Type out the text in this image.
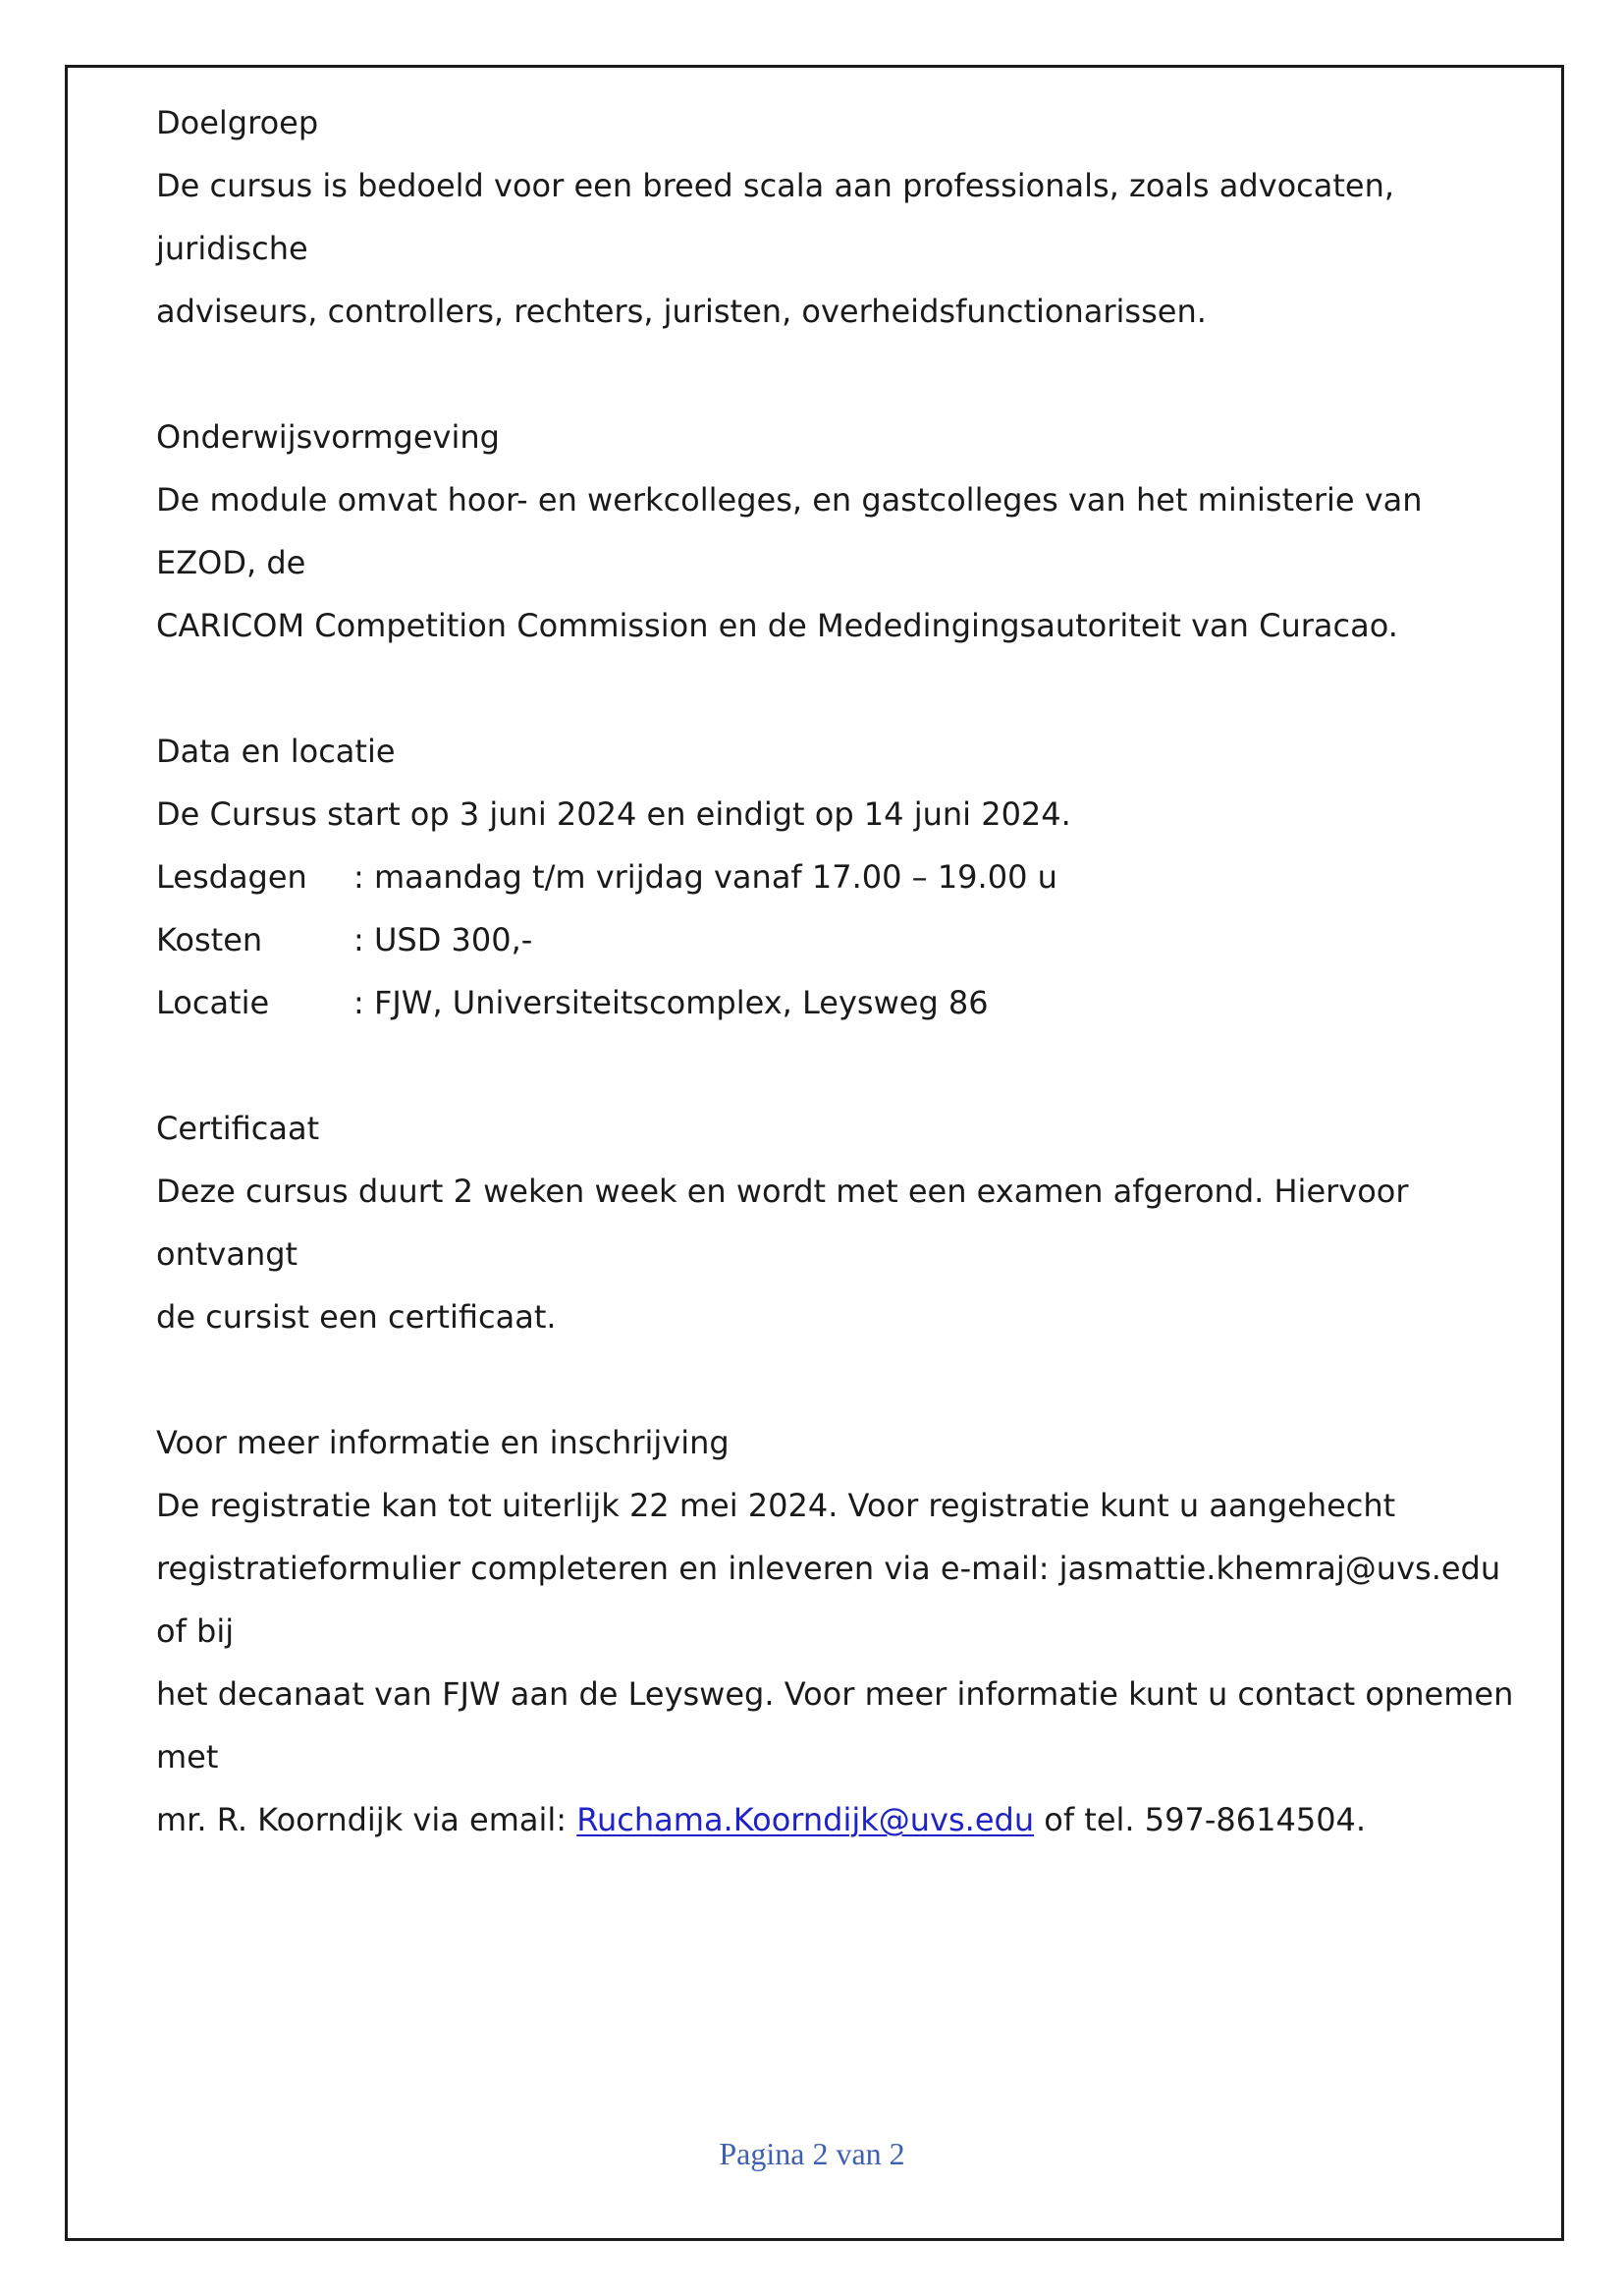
Doelgroep

De cursus is bedoeld voor een breed scala aan professionals, zoals advocaten, juridische

adviseurs, controllers, rechters, juristen, overheidsfunctionarissen.

Onderwijsvormgeving

De module omvat hoor- en werkcolleges, en gastcolleges van het ministerie van EZOD, de

CARICOM Competition Commission en de Mededingingsautoriteit van Curacao.

Data en locatie

De Cursus start op 3 juni 2024 en eindigt op 14 juni 2024.

Lesdagen	: maandag t/m vrijdag vanaf 17.00 – 19.00 u
Kosten	: USD 300,-
Locatie	: FJW, Universiteitscomplex, Leysweg 86

Certificaat

Deze cursus duurt 2 weken week en wordt met een examen afgerond. Hiervoor ontvangt

de cursist een certificaat.

Voor meer informatie en inschrijving

De registratie kan tot uiterlijk 22 mei 2024. Voor registratie kunt u aangehecht

registratieformulier completeren en inleveren via e-mail: jasmattie.khemraj@uvs.edu of bij

het decanaat van FJW aan de Leysweg. Voor meer informatie kunt u contact opnemen met

mr. R. Koorndijk via email: Ruchama.Koorndijk@uvs.edu of tel. 597-8614504.

Pagina 2 van 2
